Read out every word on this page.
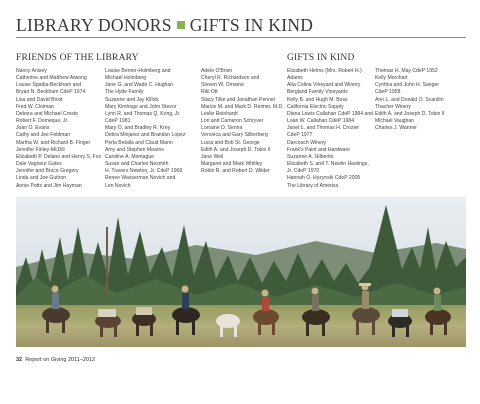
LIBRARY DONORS GIFTS IN KIND
FRIENDS OF THE LIBRARY	GIFTS IN KIND
Nancy Anisey
Catherine and Matthew Atwong
Louise Spadia-Beckham and
Bryan N. Beckham CdeP 1974
Lisa and David Brixit
Fred W. Cloiman
Debora and Michael Cresto
Robert F. Domeque, Jr.
Joan O. Evans
Cathy and Joe Feldman
Martha W. and Richard B. Finger
Jennifer Finley-McDill
Elizabeth P. Delano and Henry S. Fox
Dale Vagneur Gates
Jennifer and Bruce Gregory
Linda and Joe Guitron
Annie Potts and Jim Hayman
Louise Berner-Holmberg and
Michael Holmberg
Jane G. and Wade C. Hughan
The Hyde Family
Suzanne and Jay Killick
Mary Kimhoge and John Stevur
Lynn R. and Thomas Q. Kong, Jr.
CdeP 1981
Mary O. and Bradley R. Krey
Debra Minjarez and Brandon Lopez
Perla Betalla and Claud Mann
Amy and Stephen Mearns
Caroline A. Montague
Susan and Charles Nesmith
H. Travers Newton, Jr. CdeP 1968
Renee Wasserman Novich and
Len Novich
Adele O'Brien
Cheryl R. Richardson and
Steven W. Omamo
Riki Ott
Stacy Tillie and Jonathan Pennel
Marcie M. and Mark D. Reimer, M.D.
Leslie Reinhardt
Lori and Cameron Schryver
Lorraine D. Senna
Veronica and Gary Silberberg
Lucia and Bob St. George
Edith A. and Joseph D. Tobin II
Jane Weil
Margaret and Mark Whitley
Robin R. and Robert D. Wilder
Elizabeth Helms (Mrs. Robert H.)
Adams
Alta Colina Vineyard and Winery
Bergland Family Vineyards
Kelly B. and Hugh M. Boss
California Electric Supply
Diana Lewis Callahan CdeP 1984 and
Loan W. Callahan CdeP 1984
Janet L. and Thomas H. Crozier
CdeP 1977
Darcouch Winery
Frank's Paint and Hardware
Suzanne A. Gilbertin
Elizabeth S. and T. Newlin Hastings,
Jr. CdeP 1970
Hannah O. Hyzynski CdeP 2005
The Library of America
Thomas H. May CdeP 1952
Kelly Morchart
Cynthia and John H. Sanger
CdeP 1958
Ann L. and Donald O. Scantlin
Thacher Winery
Edith A. and Joseph D. Tobin II
Michael Vaughan
Charles J. Wanner
32 Report on Giving 2011–2012
